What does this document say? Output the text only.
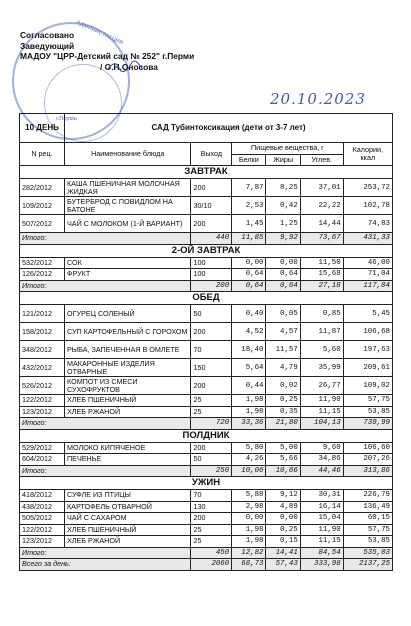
г.Пермь
АДМИНИСТРАЦИЯ
Согласовано
Заведующий
МАДОУ "ЦРР-Детский сад № 252" г.Перми
/ О.Н.Оносова
20.10.2023
10 ДЕНЬ	САД Тубинтоксикация (дети от 3-7 лет)					
N рец.	Наименование блюда	Выход	Пищевые вещества, г			Калории, ккал
			Белки	Жиры	Углев.	
ЗАВТРАК						
282/2012	КАША ПШЕНИЧНАЯ МОЛОЧНАЯ ЖИДКАЯ	200	7,87	8,25	37,01	253,72
109/2012	БУТЕРБРОД С ПОВИДЛОМ НА БАТОНЕ	30/10	2,53	0,42	22,22	102,78
507/2012	ЧАЙ С МОЛОКОМ (1-Й ВАРИАНТ)	200	1,45	1,25	14,44	74,83
Итого:		440	11,85	9,92	73,67	431,33
2-ОЙ ЗАВТРАК						
532/2012	СОК	100	0,00	0,00	11,50	46,00
126/2012	ФРУКТ	100	0,64	0,64	15,68	71,04
Итого:		200	0,64	0,64	27,18	117,04
ОБЕД						
121/2012	ОГУРЕЦ СОЛЕНЫЙ	50	0,40	0,05	0,85	5,45
158/2012	СУП КАРТОФЕЛЬНЫЙ С ГОРОХОМ	200	4,52	4,57	11,87	106,68
348/2012	РЫБА, ЗАПЕЧЕННАЯ В ОМЛЕТЕ	70	18,40	11,57	5,60	197,63
432/2012	МАКАРОННЫЕ ИЗДЕЛИЯ ОТВАРНЫЕ	150	5,64	4,79	35,99	209,61
526/2012	КОМПОТ ИЗ СМЕСИ СУХОФРУКТОВ	200	0,44	0,02	26,77	109,02
122/2012	ХЛЕБ ПШЕНИЧНЫЙ	25	1,98	0,25	11,90	57,75
123/2012	ХЛЕБ РЖАНОЙ	25	1,98	0,35	11,15	53,85
Итого:		720	33,36	21,80	104,13	739,99
ПОЛДНИК						
529/2012	МОЛОКО КИПЯЧЕНОЕ	200	5,80	5,00	9,60	106,60
604/2012	ПЕЧЕНЬЕ	50	4,26	5,66	34,86	207,26
Итого:		250	10,06	10,66	44,46	313,86
УЖИН						
418/2012	СУФЛЕ ИЗ ПТИЦЫ	70	5,88	9,12	30,31	226,79
438/2012	КАРТОФЕЛЬ ОТВАРНОЙ	130	2,98	4,89	16,14	136,49
505/2012	ЧАЙ С САХАРОМ	200	0,00	0,00	15,04	60,15
122/2012	ХЛЕБ ПШЕНИЧНЫЙ	25	1,98	0,25	11,90	57,75
123/2012	ХЛЕБ РЖАНОЙ	25	1,98	0,15	11,15	53,85
Итого:		450	12,82	14,41	84,54	535,03
Всего за день:		2060	68,73	57,43	333,98	2137,25
